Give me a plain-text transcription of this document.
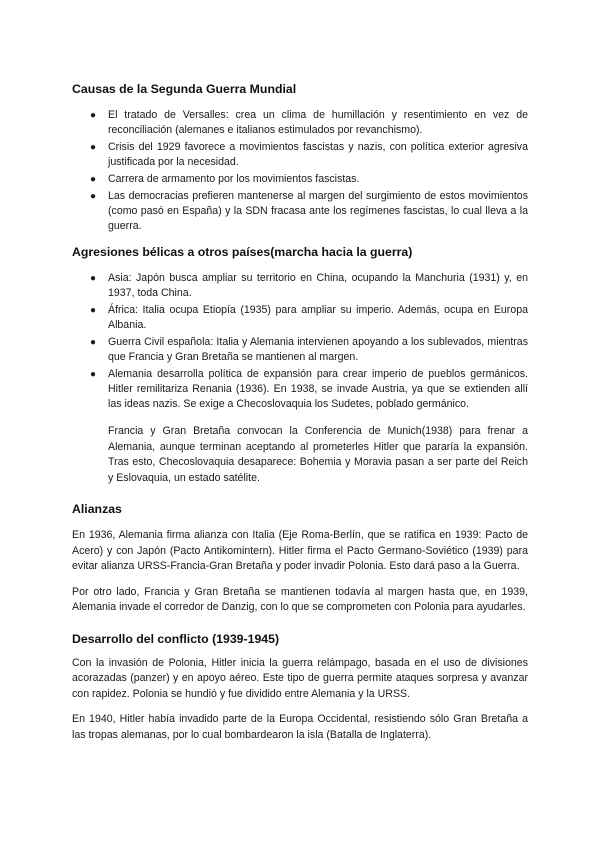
Causas de la Segunda Guerra Mundial
● El tratado de Versalles: crea un clima de humillación y resentimiento en vez de reconciliación (alemanes e italianos estimulados por revanchismo).
● Crisis del 1929 favorece a movimientos fascistas y nazis, con política exterior agresiva justificada por la necesidad.
● Carrera de armamento por los movimientos fascistas.
● Las democracias prefieren mantenerse al margen del surgimiento de estos movimientos (como pasó en España) y la SDN fracasa ante los regímenes fascistas, lo cual lleva a la guerra.
Agresiones bélicas a otros países(marcha hacia la guerra)
● Asia: Japón busca ampliar su territorio en China, ocupando la Manchuria (1931) y, en 1937, toda China.
● África: Italia ocupa Etiopía (1935) para ampliar su imperio. Además, ocupa en Europa Albania.
● Guerra Civil española: Italia y Alemania intervienen apoyando a los sublevados, mientras que Francia y Gran Bretaña se mantienen al margen.
● Alemania desarrolla política de expansión para crear imperio de pueblos germánicos. Hitler remilitariza Renania (1936). En 1938, se invade Austria, ya que se extienden allí las ideas nazis. Se exige a Checoslovaquia los Sudetes, poblado germánico.

Francia y Gran Bretaña convocan la Conferencia de Munich(1938) para frenar a Alemania, aunque terminan aceptando al prometerles Hitler que pararía la expansión. Tras esto, Checoslovaquia desaparece: Bohemia y Moravia pasan a ser parte del Reich y Eslovaquia, un estado satélite.

Alianzas

En 1936, Alemania firma alianza con Italia (Eje Roma-Berlín, que se ratifica en 1939: Pacto de Acero) y con Japón (Pacto Antikomintern). Hitler firma el Pacto Germano-Soviético (1939) para evitar alianza URSS-Francia-Gran Bretaña y poder invadir Polonia. Esto dará paso a la Guerra.

Por otro lado, Francia y Gran Bretaña se mantienen todavía al margen hasta que, en 1939, Alemania invade el corredor de Danzig, con lo que se comprometen con Polonia para ayudarles.

Desarrollo del conflicto (1939-1945)

Con la invasión de Polonia, Hitler inicia la guerra relámpago, basada en el uso de divisiones acorazadas (panzer) y en apoyo aéreo. Este tipo de guerra permite ataques sorpresa y avanzar con rapidez. Polonia se hundió y fue dividido entre Alemania y la URSS.

En 1940, Hitler había invadido parte de la Europa Occidental, resistiendo sólo Gran Bretaña a las tropas alemanas, por lo cual bombardearon la isla (Batalla de Inglaterra).
